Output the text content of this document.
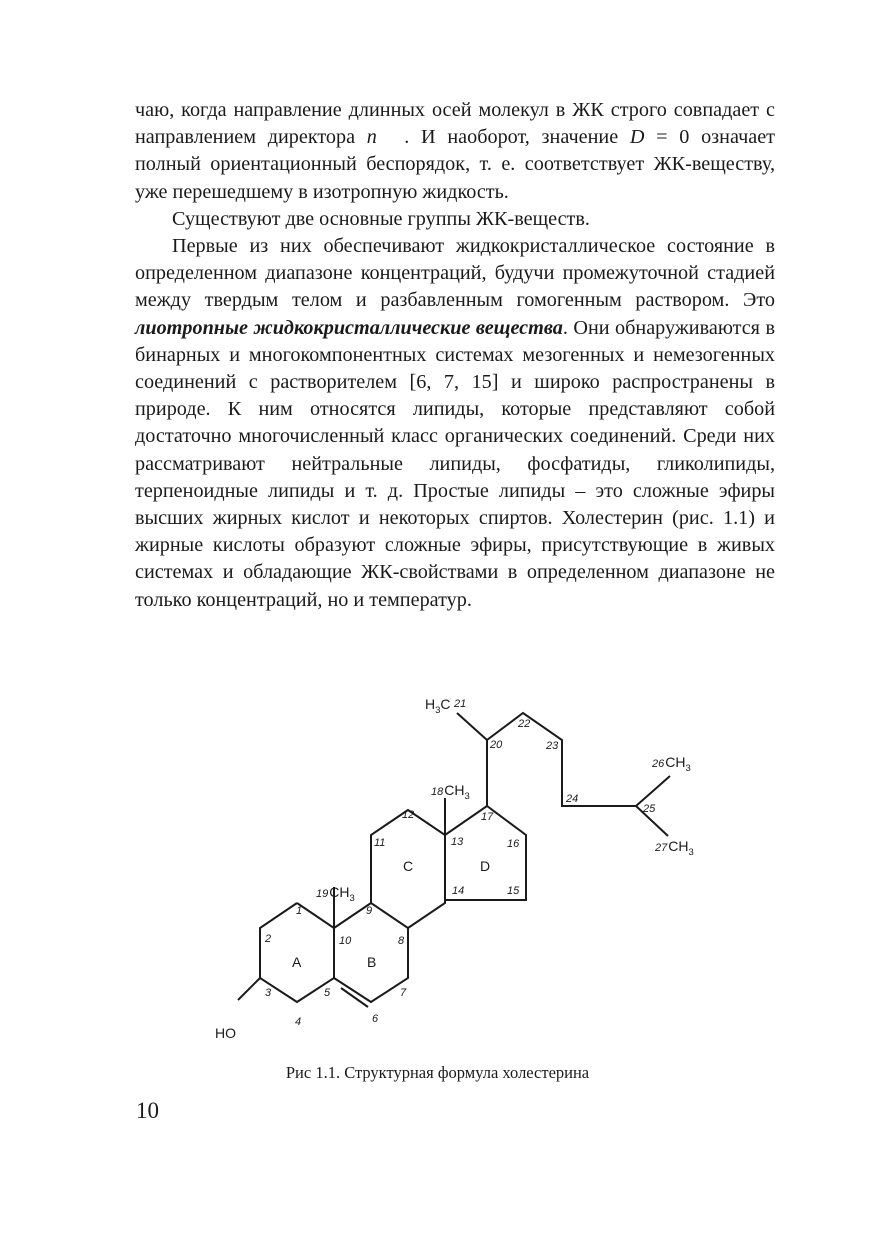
чаю, когда направление длинных осей молекул в ЖК строго совпадает с направлением директора n⃗ . И наоборот, значение D = 0 означает полный ориентационный беспорядок, т. е. соответствует ЖК-веществу, уже перешедшему в изотропную жидкость.

Существуют две основные группы ЖК-веществ.

Первые из них обеспечивают жидкокристаллическое состояние в определенном диапазоне концентраций, будучи промежуточной стадией между твердым телом и разбавленным гомогенным раствором. Это лиотропные жидкокристаллические вещества. Они обнаруживаются в бинарных и многокомпонентных системах мезогенных и немезогенных соединений с растворителем [6, 7, 15] и широко распространены в природе. К ним относятся липиды, которые представляют собой достаточно многочисленный класс органических соединений. Среди них рассматривают нейтральные липиды, фосфатиды, гликолипиды, терпеноидные липиды и т. д. Простые липиды – это сложные эфиры высших жирных кислот и некоторых спиртов. Холестерин (рис. 1.1) и жирные кислоты образуют сложные эфиры, присутствующие в живых системах и обладающие ЖК-свойствами в определенном диапазоне не только концентраций, но и температур.

A	B
C	D
1
2
3
4
5
6
7
8
9
10
11
12
13
14	15
16
17
20
21
22
23
24
25
$19CH_3$
$18CH_3$
$H_3C$
$26CH_3$
$27CH_3$
HO
Рис 1.1. Структурная формула холестерина
10
